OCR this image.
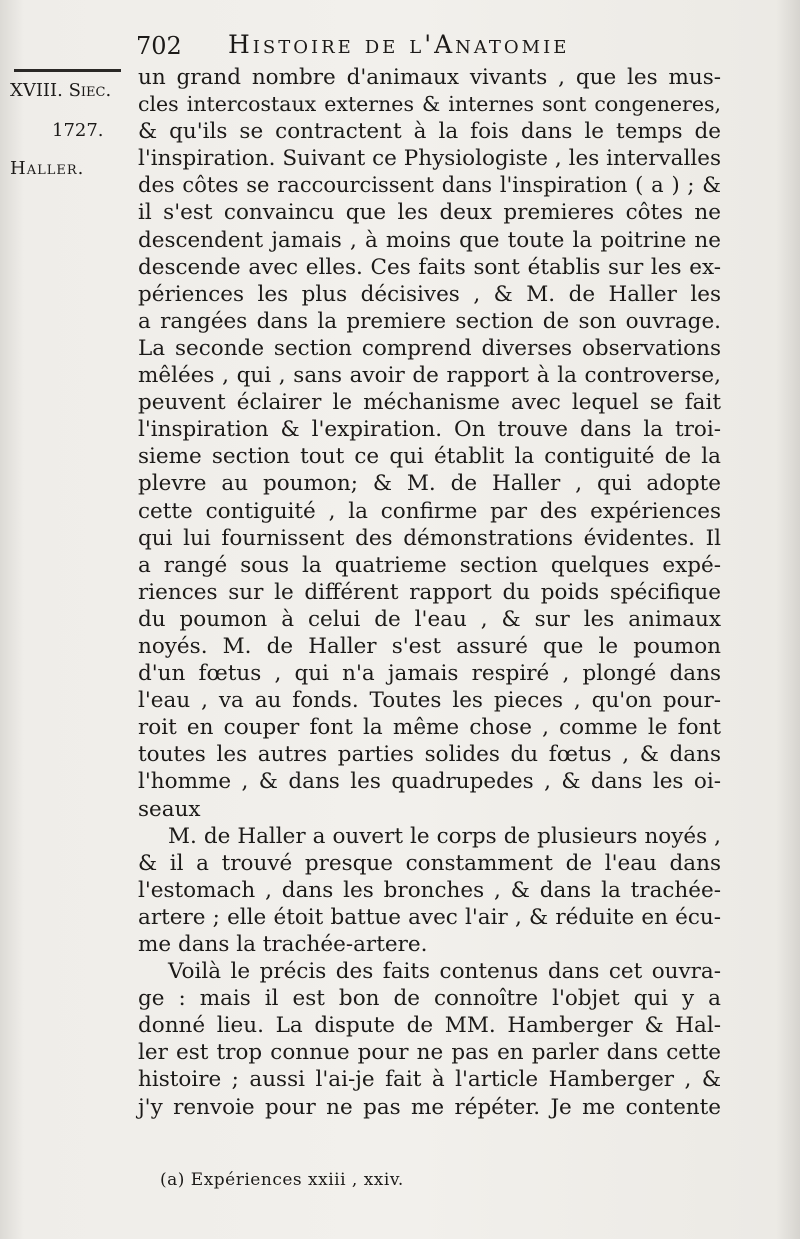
702 Histoire de l'Anatomie
XVIII. Siec.
1727.
Haller.
un grand nombre d'animaux vivants , que les mus-
cles intercostaux externes & internes sont congeneres,
& qu'ils se contractent à la fois dans le temps de
l'inspiration. Suivant ce Physiologiste , les intervalles
des côtes se raccourcissent dans l'inspiration ( a ) ; &
il s'est convaincu que les deux premieres côtes ne
descendent jamais , à moins que toute la poitrine ne
descende avec elles. Ces faits sont établis sur les ex-
périences les plus décisives , & M. de Haller les
a rangées dans la premiere section de son ouvrage.
La seconde section comprend diverses observations
mêlées , qui , sans avoir de rapport à la controverse,
peuvent éclairer le méchanisme avec lequel se fait
l'inspiration & l'expiration. On trouve dans la troi-
sieme section tout ce qui établit la contiguité de la
plevre au poumon; & M. de Haller , qui adopte
cette contiguité , la confirme par des expériences
qui lui fournissent des démonstrations évidentes. Il
a rangé sous la quatrieme section quelques expé-
riences sur le différent rapport du poids spécifique
du poumon à celui de l'eau , & sur les animaux
noyés. M. de Haller s'est assuré que le poumon
d'un fœtus , qui n'a jamais respiré , plongé dans
l'eau , va au fonds. Toutes les pieces , qu'on pour-
roit en couper font la même chose , comme le font
toutes les autres parties solides du fœtus , & dans
l'homme , & dans les quadrupedes , & dans les oi-
seaux
M. de Haller a ouvert le corps de plusieurs noyés ,
& il a trouvé presque constamment de l'eau dans
l'estomach , dans les bronches , & dans la trachée-
artere ; elle étoit battue avec l'air , & réduite en écu-
me dans la trachée-artere.
Voilà le précis des faits contenus dans cet ouvra-
ge : mais il est bon de connoître l'objet qui y a
donné lieu. La dispute de MM. Hamberger & Hal-
ler est trop connue pour ne pas en parler dans cette
histoire ; aussi l'ai-je fait à l'article Hamberger , &
j'y renvoie pour ne pas me répéter. Je me contente
(a) Expériences xxiii , xxiv.
